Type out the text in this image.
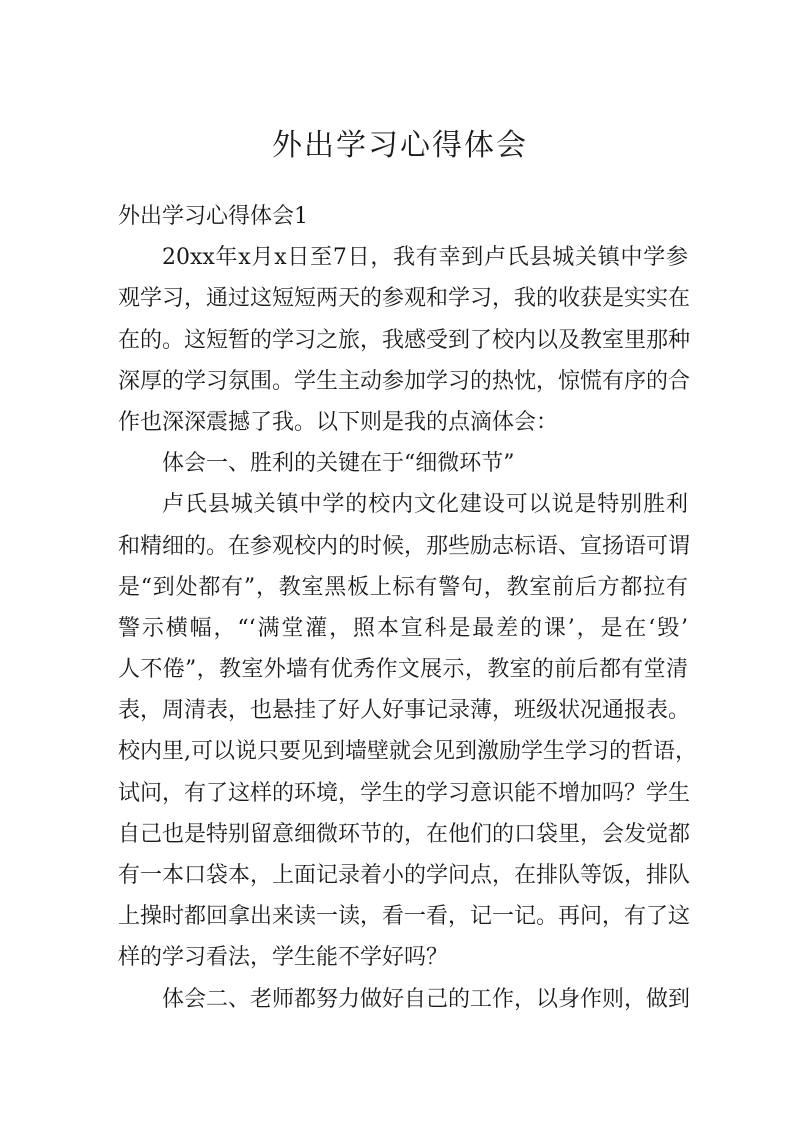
外出学习心得体会
外出学习心得体会1
20xx年x月x日至7日，我有幸到卢氏县城关镇中学参
观学习，通过这短短两天的参观和学习，我的收获是实实在
在的。这短暂的学习之旅，我感受到了校内以及教室里那种
深厚的学习氛围。学生主动参加学习的热忱，惊慌有序的合
作也深深震撼了我。以下则是我的点滴体会：
体会一、胜利的关键在于“细微环节”
卢氏县城关镇中学的校内文化建设可以说是特别胜利
和精细的。在参观校内的时候，那些励志标语、宣扬语可谓
是“到处都有”，教室黑板上标有警句，教室前后方都拉有
警示横幅，“‘满堂灌，照本宣科是最差的课’，是在‘毁’
人不倦”，教室外墙有优秀作文展示，教室的前后都有堂清
表，周清表，也悬挂了好人好事记录薄，班级状况通报表。
校内里,可以说只要见到墙壁就会见到激励学生学习的哲语，
试问，有了这样的环境，学生的学习意识能不增加吗？学生
自己也是特别留意细微环节的，在他们的口袋里，会发觉都
有一本口袋本，上面记录着小的学问点，在排队等饭，排队
上操时都回拿出来读一读，看一看，记一记。再问，有了这
样的学习看法，学生能不学好吗？
体会二、老师都努力做好自己的工作，以身作则，做到
